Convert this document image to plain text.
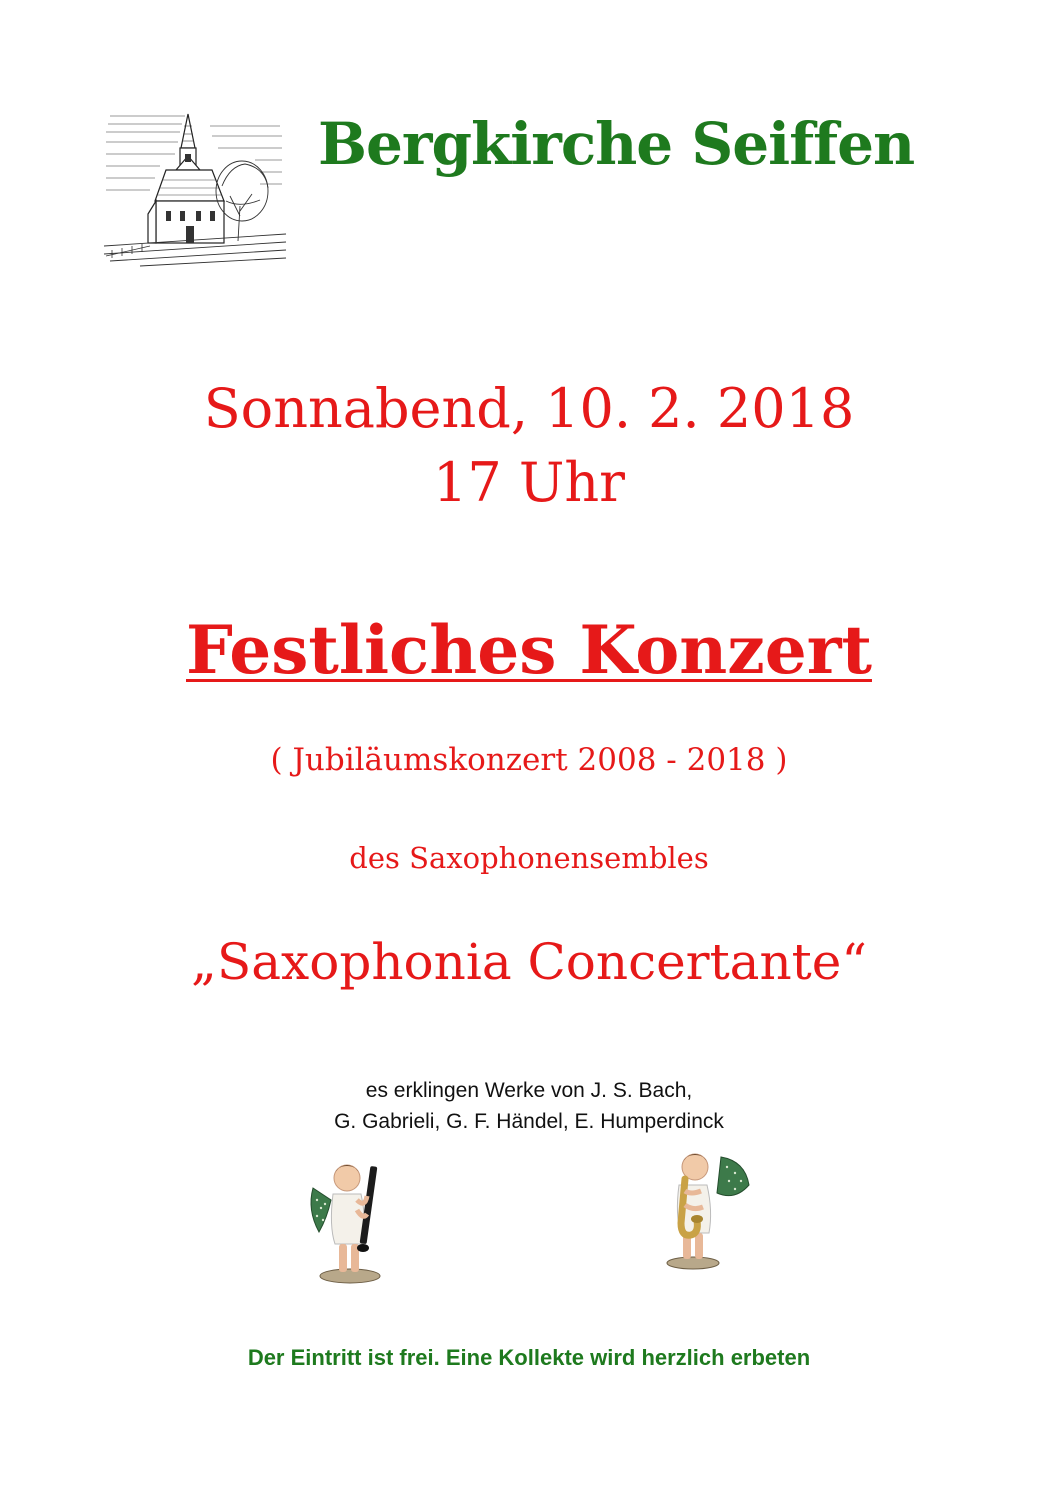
Bergkirche Seiffen
Sonnabend, 10. 2. 2018
17 Uhr
Festliches Konzert
( Jubiläumskonzert 2008 - 2018 )
des Saxophonensembles
„Saxophonia Concertante“
es erklingen Werke von J. S. Bach,
G. Gabrieli, G. F. Händel, E. Humperdinck
Der Eintritt ist frei. Eine Kollekte wird herzlich erbeten
